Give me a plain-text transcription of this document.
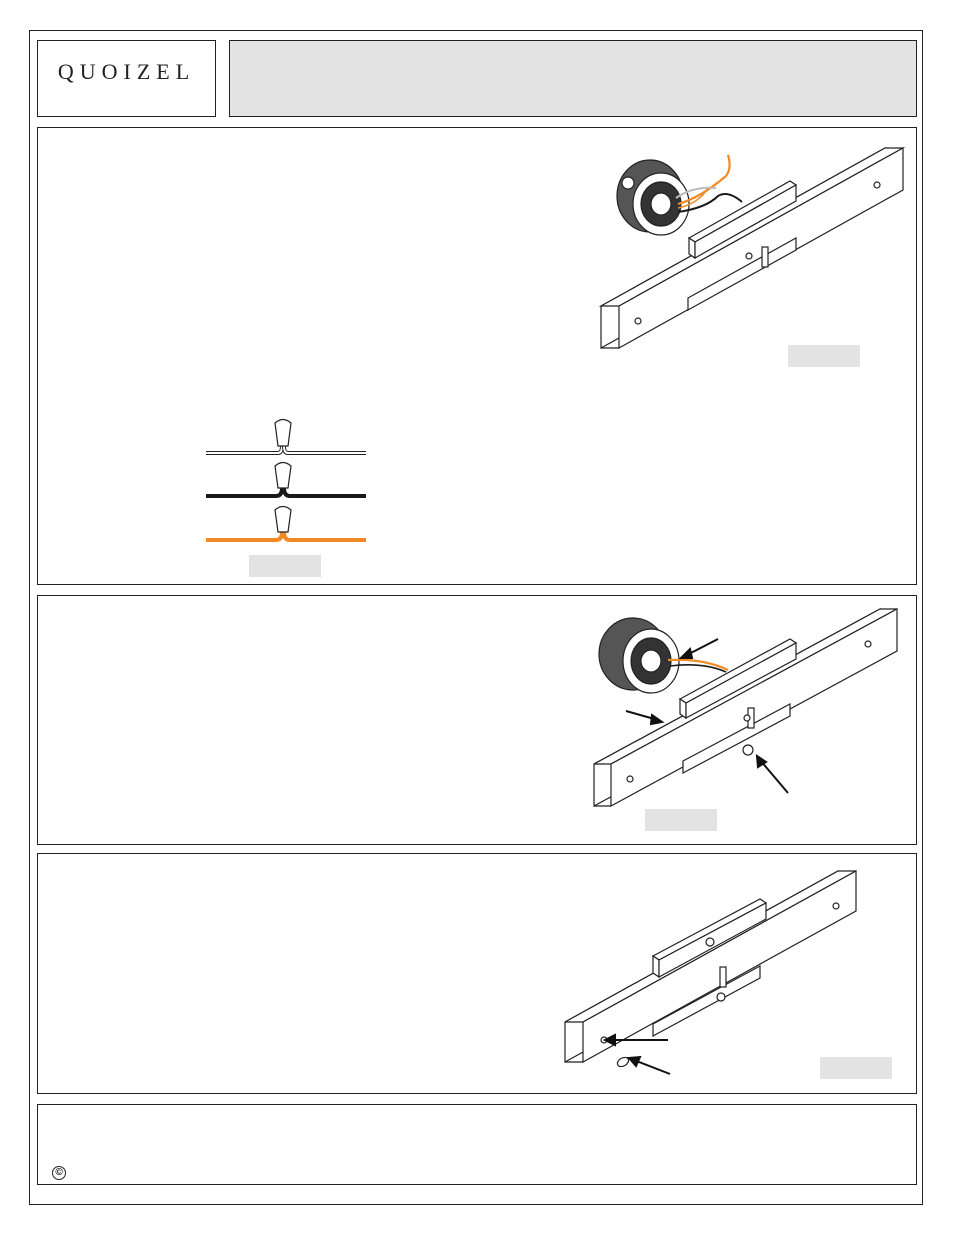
QUOIZEL
©
